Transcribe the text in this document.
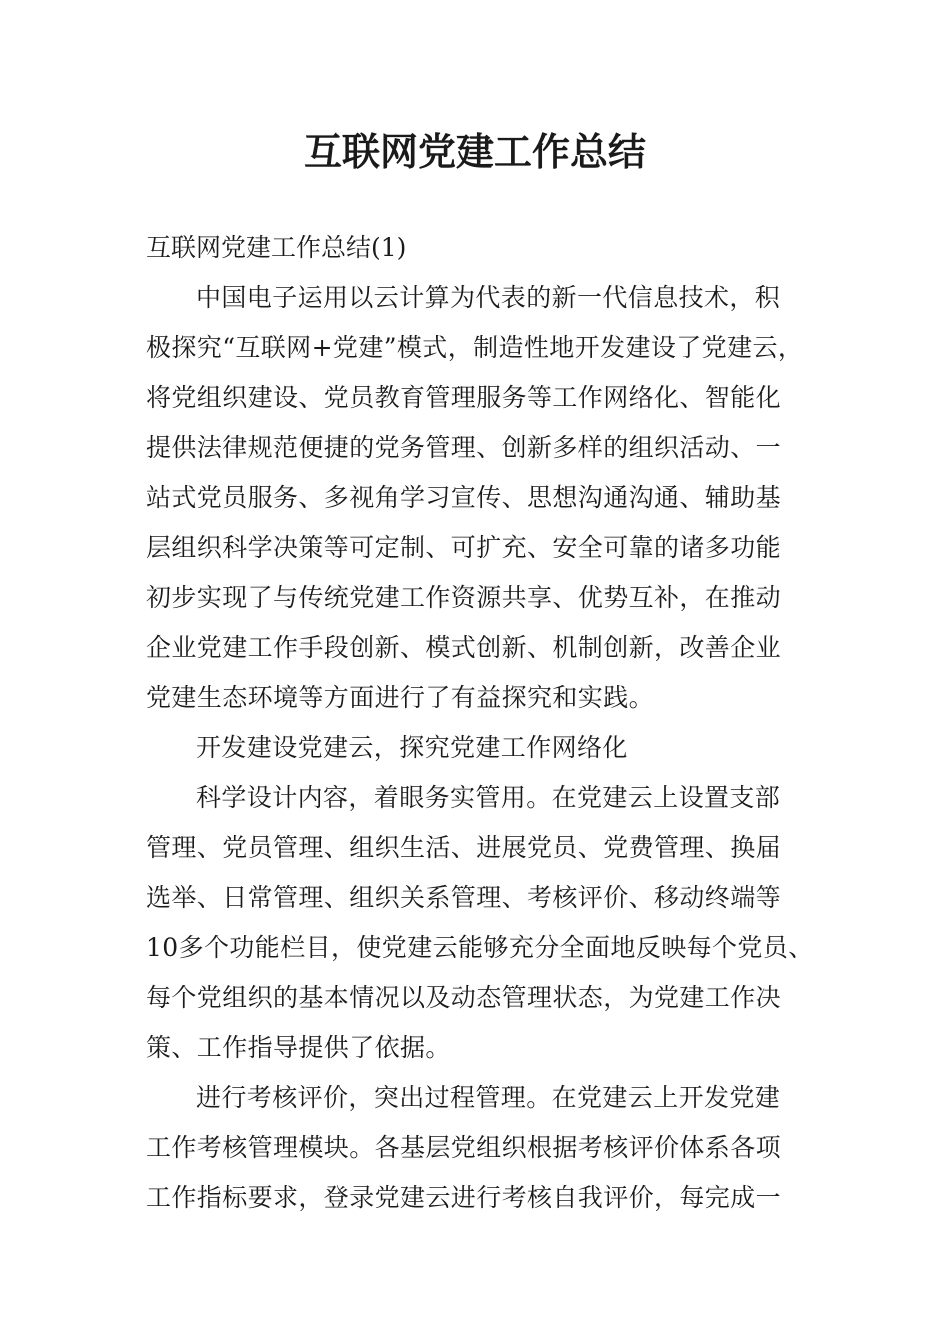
互联网党建工作总结
互联网党建工作总结(1)
中国电子运用以云计算为代表的新一代信息技术，积
极探究“互联网+党建”模式，制造性地开发建设了党建云，
将党组织建设、党员教育管理服务等工作网络化、智能化
提供法律规范便捷的党务管理、创新多样的组织活动、一
站式党员服务、多视角学习宣传、思想沟通沟通、辅助基
层组织科学决策等可定制、可扩充、安全可靠的诸多功能
初步实现了与传统党建工作资源共享、优势互补，在推动
企业党建工作手段创新、模式创新、机制创新，改善企业
党建生态环境等方面进行了有益探究和实践。
开发建设党建云，探究党建工作网络化
科学设计内容，着眼务实管用。在党建云上设置支部
管理、党员管理、组织生活、进展党员、党费管理、换届
选举、日常管理、组织关系管理、考核评价、移动终端等
10多个功能栏目，使党建云能够充分全面地反映每个党员、
每个党组织的基本情况以及动态管理状态，为党建工作决
策、工作指导提供了依据。
进行考核评价，突出过程管理。在党建云上开发党建
工作考核管理模块。各基层党组织根据考核评价体系各项
工作指标要求，登录党建云进行考核自我评价，每完成一
